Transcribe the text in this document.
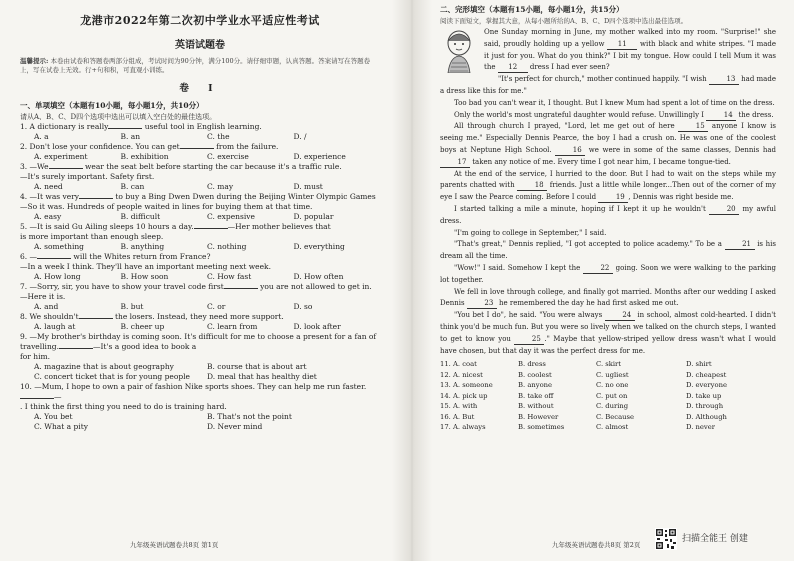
龙港市2022年第二次初中学业水平适应性考试
英语试题卷
温馨提示: 本卷由试卷和答题卷两部分组成，考试时间为90分钟，满分100分。请仔细审题，认真答题。答案请写在答题卷上，写在试卷上无效。行+句和积，可直观小训练。
卷 I
一、单项填空（本题有10小题，每小题1分，共10分）
请从A、B、C、D四个选项中选出可以填入空白处的最佳选项。
1. A dictionary is really	useful tool in English learning.
A. a	B. an	C. the	D. /
2. Don't lose your confidence. You can get	from the failure.
A. experiment	B. exhibition	C. exercise	D. experience
3. —We	wear the seat belt before starting the car because it's a traffic rule.
—It's surely important. Safety first.
A. need	B. can	C. may	D. must
4. —It was very	to buy a Bing Dwen Dwen during the Beijing Winter Olympic Games
—So it was. Hundreds of people waited in lines for buying them at that time.
A. easy	B. difficult	C. expensive	D. popular
5. —It is said Gu Ailing sleeps 10 hours a day.	—Her mother believes that
is more important than enough sleep.
A. something	B. anything	C. nothing	D. everything
6. —	will the Whites return from France?
—In a week I think. They'll have an important meeting next week.
A. How long	B. How soon	C. How fast	D. How often
7. —Sorry, sir, you have to show your travel code first	you are not allowed to get in.
—Here it is.
A. and	B. but	C. or	D. so
8. We shouldn't	the losers. Instead, they need more support.
A. laugh at	B. cheer up	C. learn from	D. look after
9. —My brother's birthday is coming soon. It's difficult for me to choose a present for a fan of travelling.	—It's a good idea to book a
for him.
A. magazine that is about geography	B. course that is about art
C. concert ticket that is for young people	D. meal that has healthy diet
10. —Mum, I hope to own a pair of fashion Nike sports shoes. They can help me run faster.—
. I think the first thing you need to do is training hard.
A. You bet	B. That's not the point
C. What a pity	D. Never mind
九年级英语试题卷共8页 第1页
二、完形填空（本题有15小题，每小题1分，共15分）
阅读下面短文，掌握其大意，从每小题所给的A、B、C、D四个选项中选出最佳选项。

One Sunday morning in June, my mother walked into my room. "Surprise!" she said, proudly holding up a yellow 11 with black and white stripes. "I made it just for you. What do you think?" I bit my tongue. How could I tell Mum it was the 12 dress I had ever seen?

"It's perfect for church," mother continued happily. "I wish	13 had made a dress like this for me."

Too bad you can't wear it, I thought. But I knew Mum had spent a lot of time on the dress.

Only the world's most ungrateful daughter would refuse. Unwillingly I	14 the dress.

All through church I prayed, "Lord, let me get out of here	15 anyone I know is seeing me." Especially Dennis Pearce, the boy I had a crush on. He was one of the coolest boys at Neptune High School.	16 we were in some of the same classes, Dennis had 17 taken any notice of me. Every time I got near him, I became tongue-tied.

At the end of the service, I hurried to the door. But I had to wait on the steps while my parents chatted with	18 friends. Just a little while longer...Then out of the corner of my eye I saw the Pearce coming. Before I could	19 , Dennis was right beside me.

I started talking a mile a minute, hoping if I kept it up he wouldn't	20 my awful dress.

"I'm going to college in September," I said.

"That's great," Dennis replied, "I got accepted to police academy." To be a	21 is his dream all the time.

"Wow!" I said. Somehow I kept the	22 going. Soon we were walking to the parking lot together.

We fell in love through college, and finally got married. Months after our wedding I asked Dennis	23 he remembered the day he had first asked me out.

"You bet I do", he said. "You were always	24 in school, almost cold-hearted. I didn't think you'd be much fun. But you were so lively when we talked on the church steps, I wanted to get to know you	25 ." Maybe that yellow-striped yellow dress wasn't what I would have chosen, but that day it was the perfect dress for me.

11. A. coat	B. dress	C. skirt	D. shirt
12. A. nicest	B. coolest	C. ugliest	D. cheapest
13. A. someone	B. anyone	C. no one	D. everyone
14. A. pick up	B. take off	C. put on	D. take up
15. A. with	B. without	C. during	D. through
16. A. But	B. However	C. Because	D. Although
17. A. always	B. sometimes	C. almost	D. never
九年级英语试题卷共8页 第2页
扫描全能王 创建
